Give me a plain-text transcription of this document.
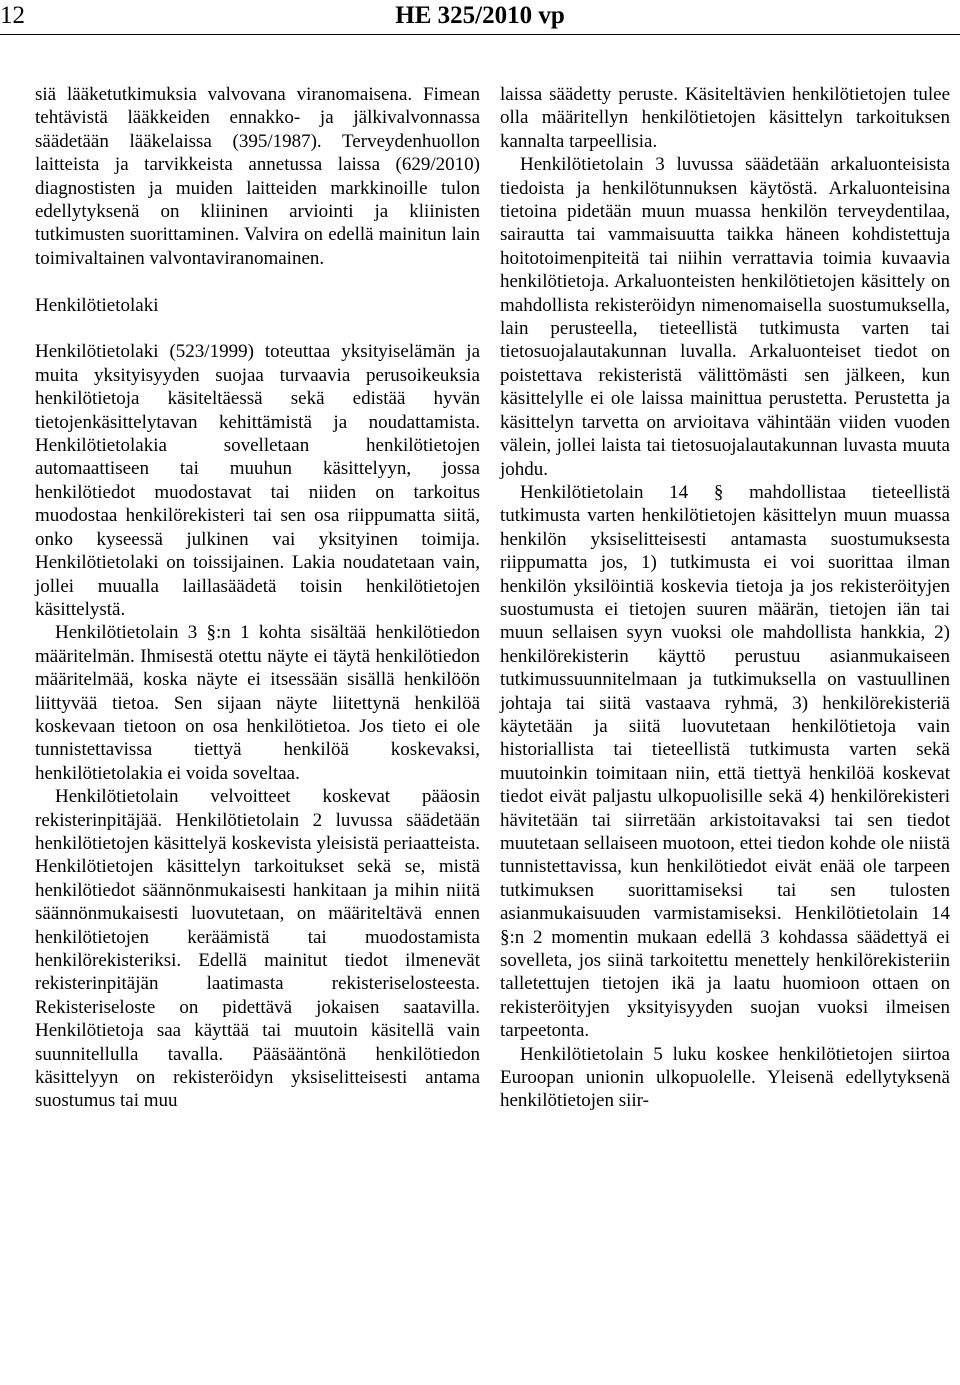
12	HE 325/2010 vp

siä lääketutkimuksia valvovana viranomaisena. Fimean tehtävistä lääkkeiden ennakko- ja jälkivalvonnassa säädetään lääkelaissa (395/1987). Terveydenhuollon laitteista ja tarvikkeista annetussa laissa (629/2010) diagnostisten ja muiden laitteiden markkinoille tulon edellytyksenä on kliininen arviointi ja kliinisten tutkimusten suorittaminen. Valvira on edellä mainitun lain toimivaltainen valvontaviranomainen.

Henkilötietolaki

Henkilötietolaki (523/1999) toteuttaa yksityiselämän ja muita yksityisyyden suojaa turvaavia perusoikeuksia henkilötietoja käsiteltäessä sekä edistää hyvän tietojenkäsittelytavan kehittämistä ja noudattamista. Henkilötietolakia sovelletaan henkilötietojen automaattiseen tai muuhun käsittelyyn, jossa henkilötiedot muodostavat tai niiden on tarkoitus muodostaa henkilörekisteri tai sen osa riippumatta siitä, onko kyseessä julkinen vai yksityinen toimija. Henkilötietolaki on toissijainen. Lakia noudatetaan vain, jollei muualla laillasäädetä toisin henkilötietojen käsittelystä.

Henkilötietolain 3 §:n 1 kohta sisältää henkilötiedon määritelmän. Ihmisestä otettu näyte ei täytä henkilötiedon määritelmää, koska näyte ei itsessään sisällä henkilöön liittyvää tietoa. Sen sijaan näyte liitettynä henkilöä koskevaan tietoon on osa henkilötietoa. Jos tieto ei ole tunnistettavissa tiettyä henkilöä koskevaksi, henkilötietolakia ei voida soveltaa.

Henkilötietolain velvoitteet koskevat pääosin rekisterinpitäjää. Henkilötietolain 2 luvussa säädetään henkilötietojen käsittelyä koskevista yleisistä periaatteista. Henkilötietojen käsittelyn tarkoitukset sekä se, mistä henkilötiedot säännönmukaisesti hankitaan ja mihin niitä säännönmukaisesti luovutetaan, on määriteltävä ennen henkilötietojen keräämistä tai muodostamista henkilörekisteriksi. Edellä mainitut tiedot ilmenevät rekisterinpitäjän laatimasta rekisteriselosteesta. Rekisteriseloste on pidettävä jokaisen saatavilla. Henkilötietoja saa käyttää tai muutoin käsitellä vain suunnitellulla tavalla. Pääsääntönä henkilötiedon käsittelyyn on rekisteröidyn yksiselitteisesti antama suostumus tai muu

laissa säädetty peruste. Käsiteltävien henkilötietojen tulee olla määritellyn henkilötietojen käsittelyn tarkoituksen kannalta tarpeellisia.

Henkilötietolain 3 luvussa säädetään arkaluonteisista tiedoista ja henkilötunnuksen käytöstä. Arkaluonteisina tietoina pidetään muun muassa henkilön terveydentilaa, sairautta tai vammaisuutta taikka häneen kohdistettuja hoitotoimenpiteitä tai niihin verrattavia toimia kuvaavia henkilötietoja. Arkaluonteisten henkilötietojen käsittely on mahdollista rekisteröidyn nimenomaisella suostumuksella, lain perusteella, tieteellistä tutkimusta varten tai tietosuojalautakunnan luvalla. Arkaluonteiset tiedot on poistettava rekisteristä välittömästi sen jälkeen, kun käsittelylle ei ole laissa mainittua perustetta. Perustetta ja käsittelyn tarvetta on arvioitava vähintään viiden vuoden välein, jollei laista tai tietosuojalautakunnan luvasta muuta johdu.

Henkilötietolain 14 § mahdollistaa tieteellistä tutkimusta varten henkilötietojen käsittelyn muun muassa henkilön yksiselitteisesti antamasta suostumuksesta riippumatta jos, 1) tutkimusta ei voi suorittaa ilman henkilön yksilöintiä koskevia tietoja ja jos rekisteröityjen suostumusta ei tietojen suuren määrän, tietojen iän tai muun sellaisen syyn vuoksi ole mahdollista hankkia, 2) henkilörekisterin käyttö perustuu asianmukaiseen tutkimussuunnitelmaan ja tutkimuksella on vastuullinen johtaja tai siitä vastaava ryhmä, 3) henkilörekisteriä käytetään ja siitä luovutetaan henkilötietoja vain historiallista tai tieteellistä tutkimusta varten sekä muutoinkin toimitaan niin, että tiettyä henkilöä koskevat tiedot eivät paljastu ulkopuolisille sekä 4) henkilörekisteri hävitetään tai siirretään arkistoitavaksi tai sen tiedot muutetaan sellaiseen muotoon, ettei tiedon kohde ole niistä tunnistettavissa, kun henkilötiedot eivät enää ole tarpeen tutkimuksen suorittamiseksi tai sen tulosten asianmukaisuuden varmistamiseksi. Henkilötietolain 14 §:n 2 momentin mukaan edellä 3 kohdassa säädettyä ei sovelleta, jos siinä tarkoitettu menettely henkilörekisteriin talletettujen tietojen ikä ja laatu huomioon ottaen on rekisteröityjen yksityisyyden suojan vuoksi ilmeisen tarpeetonta.

Henkilötietolain 5 luku koskee henkilötietojen siirtoa Euroopan unionin ulkopuolelle. Yleisenä edellytyksenä henkilötietojen siir-
